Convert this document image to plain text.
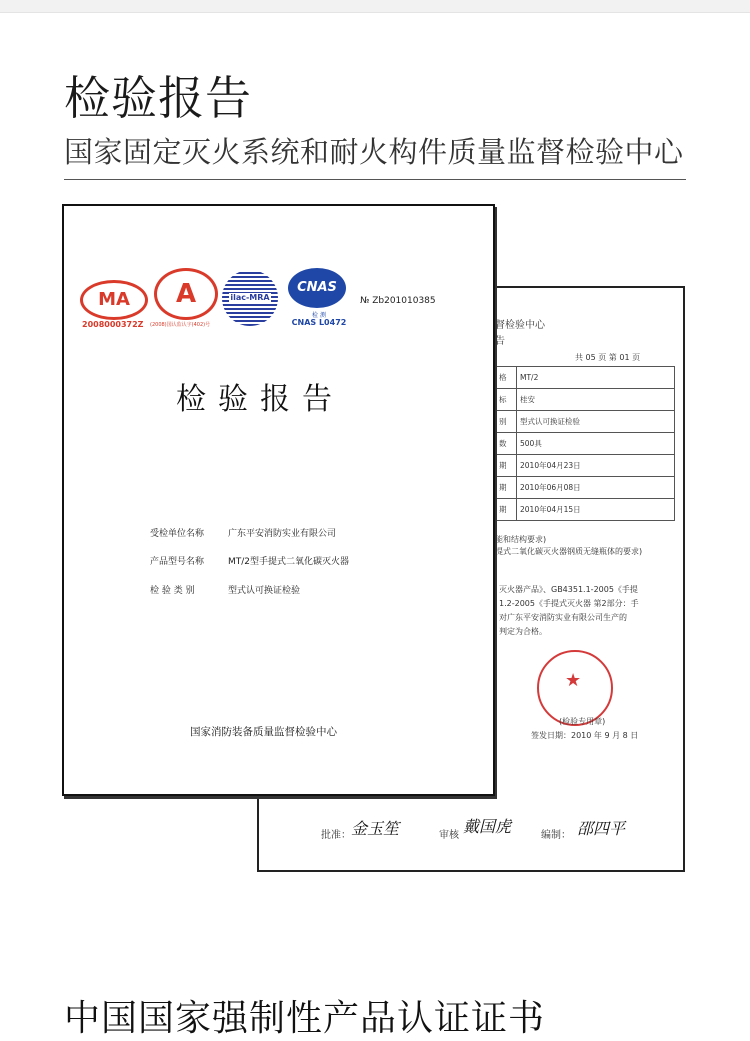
检验报告
国家固定灭火系统和耐火构件质量监督检验中心
督检验中心
告
共 05 页 第 01 页
格	MT/2
标	桂安
别	型式认可换证检验
数	500具
期	2010年04月23日
期	2010年06月08日
期	2010年04月15日
能和结构要求)
提式二氧化碳灭火器钢质无缝瓶体的要求)
灭火器产品》、GB4351.1-2005《手提
1.2-2005《手提式灭火器 第2部分：手
对广东平安消防实业有限公司生产的
判定为合格。
★
(检验专用章)
签发日期：2010 年 9 月 8 日
批准： 金玉笙	审核 戴国虎	编制： 邵四平
MA
2008000372Z
A
(2008)国认监认字(402)号
ilac-MRA
CNAS
检 测
CNAS L0472
№ Zb201010385
检验报告
受检单位名称	广东平安消防实业有限公司
产品型号名称	MT/2型手提式二氧化碳灭火器
检 验 类 别	型式认可换证检验
国家消防装备质量监督检验中心
中国国家强制性产品认证证书
